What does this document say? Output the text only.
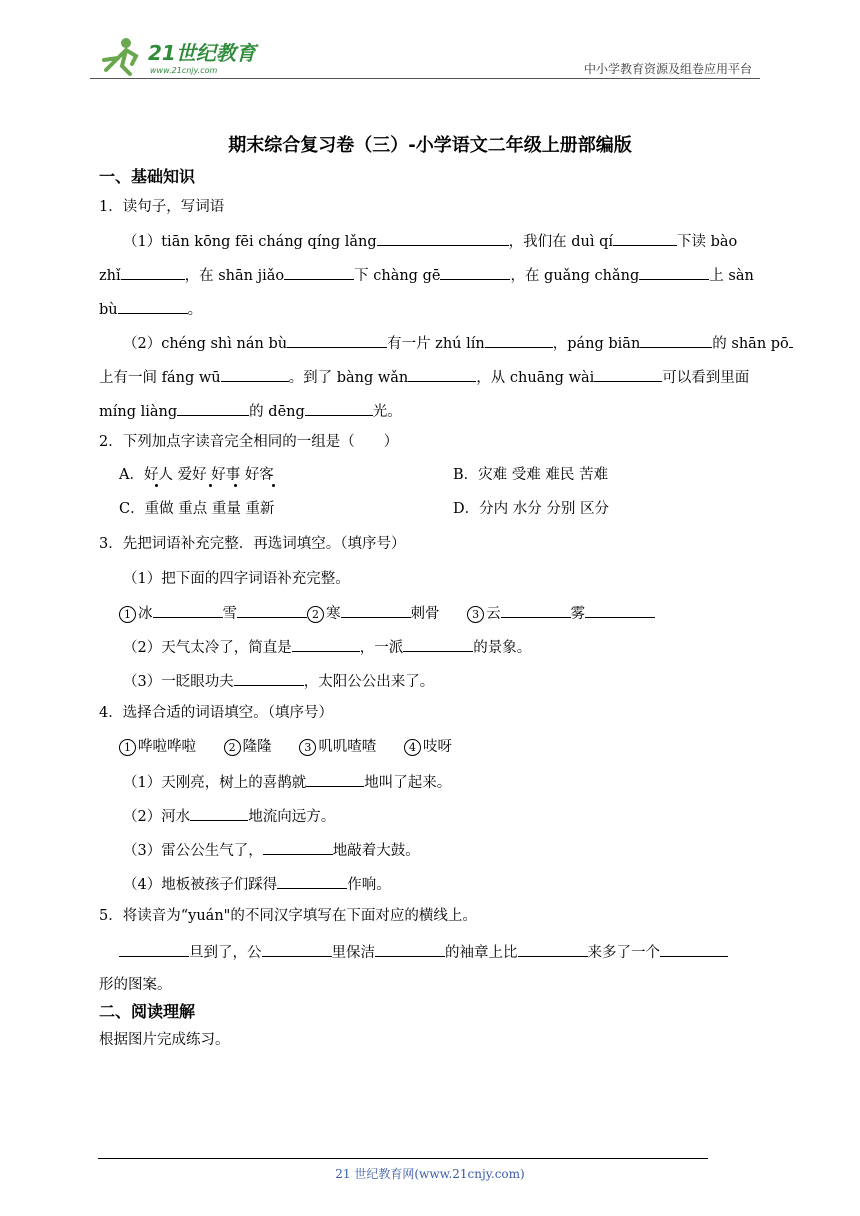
21世纪教育
www.21cnjy.com	中小学教育资源及组卷应用平台
期末综合复习卷（三）-小学语文二年级上册部编版
一、基础知识
1．读句子，写词语
（1）tiān kōng fēi cháng qíng lǎng	，我们在 duì qí	下读 bào
zhǐ	，在 shān jiǎo	下 chàng gē	，在 guǎng chǎng	上 sàn
bù	。
（2）chéng shì nán bù	有一片 zhú lín	，páng biān	的 shān pō
上有一间 fáng wū	。到了 bàng wǎn	，从 chuāng wài	可以看到里面
míng liàng	的 dēng	光。
2．下列加点字读音完全相同的一组是（　　）
A．好人 爱好 好事 好客	B．灾难 受难 难民 苦难
C．重做 重点 重量 重新	D．分内 水分 分别 区分
3．先把词语补充完整．再选词填空。（填序号）
（1）把下面的四字词语补充完整。
1 冰	雪	2 寒	刺骨	3 云	雾
（2）天气太冷了，简直是	，一派	的景象。
（3）一眨眼功夫	，太阳公公出来了。
4．选择合适的词语填空。（填序号）
1 哗啦哗啦	2 隆隆	3 叽叽喳喳	4 吱呀
（1）天刚亮，树上的喜鹊就	地叫了起来。
（2）河水	地流向远方。
（3）雷公公生气了，	地敲着大鼓。
（4）地板被孩子们踩得	作响。
5．将读音为“yuán"的不同汉字填写在下面对应的横线上。
旦到了，公	里保洁	的袖章上比	来多了一个
形的图案。
二、阅读理解
根据图片完成练习。
21 世纪教育网(www.21cnjy.com)
